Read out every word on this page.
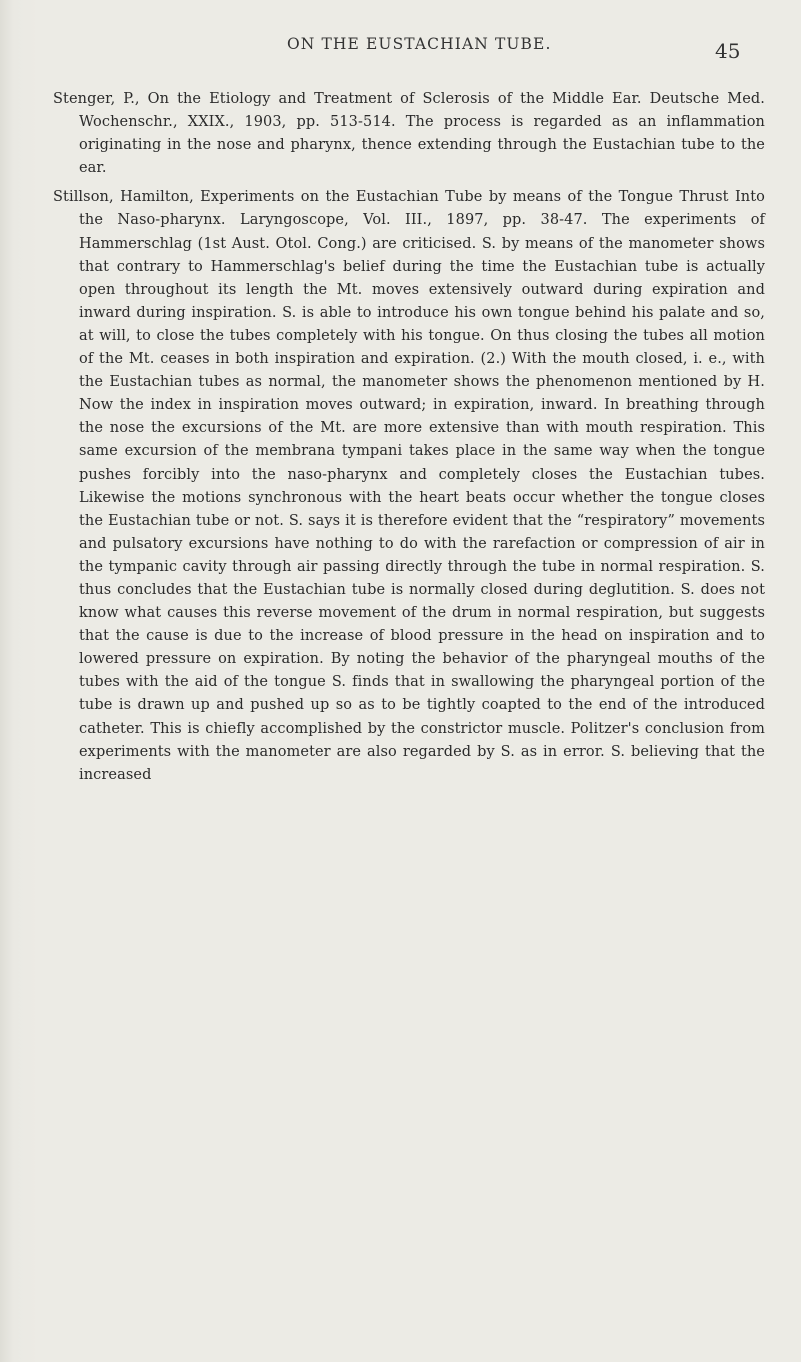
ON THE EUSTACHIAN TUBE.	45

Stenger, P., On the Etiology and Treatment of Sclerosis of the Middle Ear. Deutsche Med. Wochenschr., XXIX., 1903, pp. 513-514. The process is regarded as an inflammation originating in the nose and pharynx, thence extending through the Eustachian tube to the ear.

Stillson, Hamilton, Experiments on the Eustachian Tube by means of the Tongue Thrust Into the Naso-pharynx. Laryngoscope, Vol. III., 1897, pp. 38-47. The experiments of Hammerschlag (1st Aust. Otol. Cong.) are criticised. S. by means of the manometer shows that contrary to Hammerschlag's belief during the time the Eustachian tube is actually open throughout its length the Mt. moves extensively outward during expiration and inward during inspiration. S. is able to introduce his own tongue behind his palate and so, at will, to close the tubes completely with his tongue. On thus closing the tubes all motion of the Mt. ceases in both inspiration and expiration. (2.) With the mouth closed, i. e., with the Eustachian tubes as normal, the manometer shows the phenomenon mentioned by H. Now the index in inspiration moves outward; in expiration, inward. In breathing through the nose the excursions of the Mt. are more extensive than with mouth respiration. This same excursion of the membrana tympani takes place in the same way when the tongue pushes forcibly into the naso-pharynx and completely closes the Eustachian tubes. Likewise the motions synchronous with the heart beats occur whether the tongue closes the Eustachian tube or not. S. says it is therefore evident that the “respiratory” movements and pulsatory excursions have nothing to do with the rarefaction or compression of air in the tympanic cavity through air passing directly through the tube in normal respiration. S. thus concludes that the Eustachian tube is normally closed during deglutition. S. does not know what causes this reverse movement of the drum in normal respiration, but suggests that the cause is due to the increase of blood pressure in the head on inspiration and to lowered pressure on expiration. By noting the behavior of the pharyngeal mouths of the tubes with the aid of the tongue S. finds that in swallowing the pharyngeal portion of the tube is drawn up and pushed up so as to be tightly coapted to the end of the introduced catheter. This is chiefly accomplished by the constrictor muscle. Politzer's conclusion from experiments with the manometer are also regarded by S. as in error. S. believing that the increased
